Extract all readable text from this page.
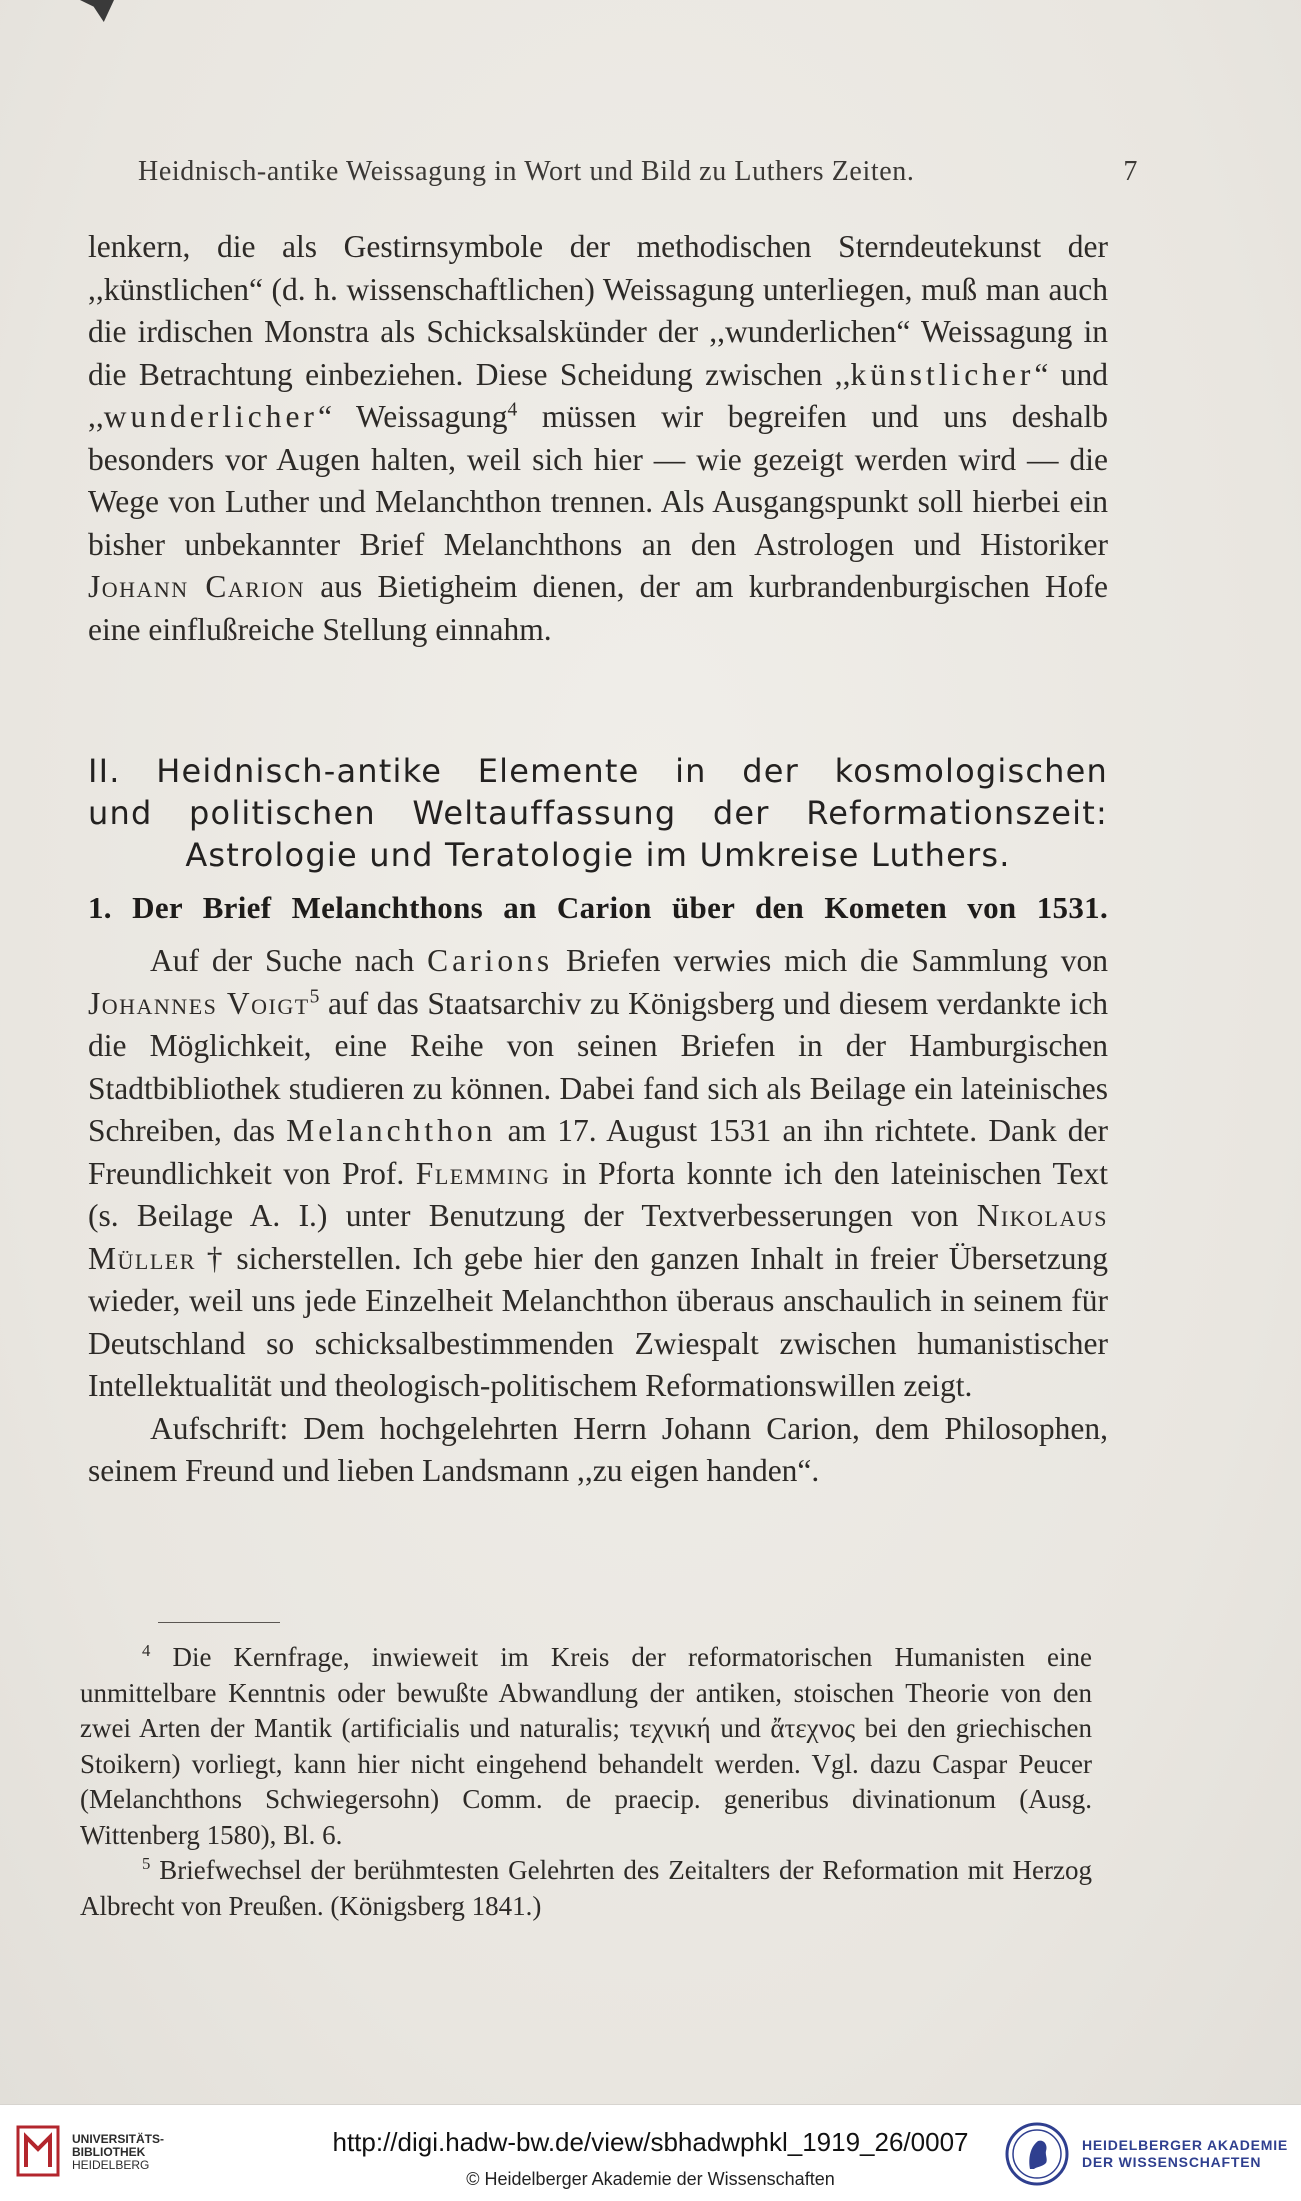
Heidnisch-antike Weissagung in Wort und Bild zu Luthers Zeiten.	7

lenkern, die als Gestirnsymbole der methodischen Sterndeutekunst der ,,künstlichen“ (d. h. wissenschaftlichen) Weissagung unterliegen, muß man auch die irdischen Monstra als Schicksalskünder der ,,wunderlichen“ Weissagung in die Betrachtung einbeziehen. Diese Scheidung zwischen ,,künstlicher“ und ,,wunderlicher“ Weissagung$^4$ müssen wir begreifen und uns deshalb besonders vor Augen halten, weil sich hier — wie gezeigt werden wird — die Wege von Luther und Melanchthon trennen. Als Ausgangspunkt soll hierbei ein bisher unbekannter Brief Melanchthons an den Astrologen und Historiker Johann Carion aus Bietigheim dienen, der am kurbrandenburgischen Hofe eine einflußreiche Stellung einnahm.

II. Heidnisch-antike Elemente in der kosmologischen
und politischen Weltauffassung der Reformationszeit:
Astrologie und Teratologie im Umkreise Luthers.
1. Der Brief Melanchthons an Carion über den Kometen von 1531.

Auf der Suche nach Carions Briefen verwies mich die Sammlung von Johannes Voigt$^5$ auf das Staatsarchiv zu Königsberg und diesem verdankte ich die Möglichkeit, eine Reihe von seinen Briefen in der Hamburgischen Stadtbibliothek studieren zu können. Dabei fand sich als Beilage ein lateinisches Schreiben, das Melanchthon am 17. August 1531 an ihn richtete. Dank der Freundlichkeit von Prof. Flemming in Pforta konnte ich den lateinischen Text (s. Beilage A. I.) unter Benutzung der Textverbesserungen von Nikolaus Müller † sicherstellen. Ich gebe hier den ganzen Inhalt in freier Übersetzung wieder, weil uns jede Einzelheit Melanchthon überaus anschaulich in seinem für Deutschland so schicksalbestimmenden Zwiespalt zwischen humanistischer Intellektualität und theologisch-politischem Reformationswillen zeigt.

Aufschrift: Dem hochgelehrten Herrn Johann Carion, dem Philosophen, seinem Freund und lieben Landsmann ,,zu eigen handen“.

$^4$ Die Kernfrage, inwieweit im Kreis der reformatorischen Humanisten eine unmittelbare Kenntnis oder bewußte Abwandlung der antiken, stoischen Theorie von den zwei Arten der Mantik (artificialis und naturalis; τεχνική und ἄτεχνος bei den griechischen Stoikern) vorliegt, kann hier nicht eingehend behandelt werden. Vgl. dazu Caspar Peucer (Melanchthons Schwiegersohn) Comm. de praecip. generibus divinationum (Ausg. Wittenberg 1580), Bl. 6.

$^5$ Briefwechsel der berühmtesten Gelehrten des Zeitalters der Reformation mit Herzog Albrecht von Preußen. (Königsberg 1841.)

UNIVERSITÄTS-
BIBLIOTHEK
HEIDELBERG
http://digi.hadw-bw.de/view/sbhadwphkl_1919_26/0007
© Heidelberger Akademie der Wissenschaften
HEIDELBERGER AKADEMIE
DER WISSENSCHAFTEN
